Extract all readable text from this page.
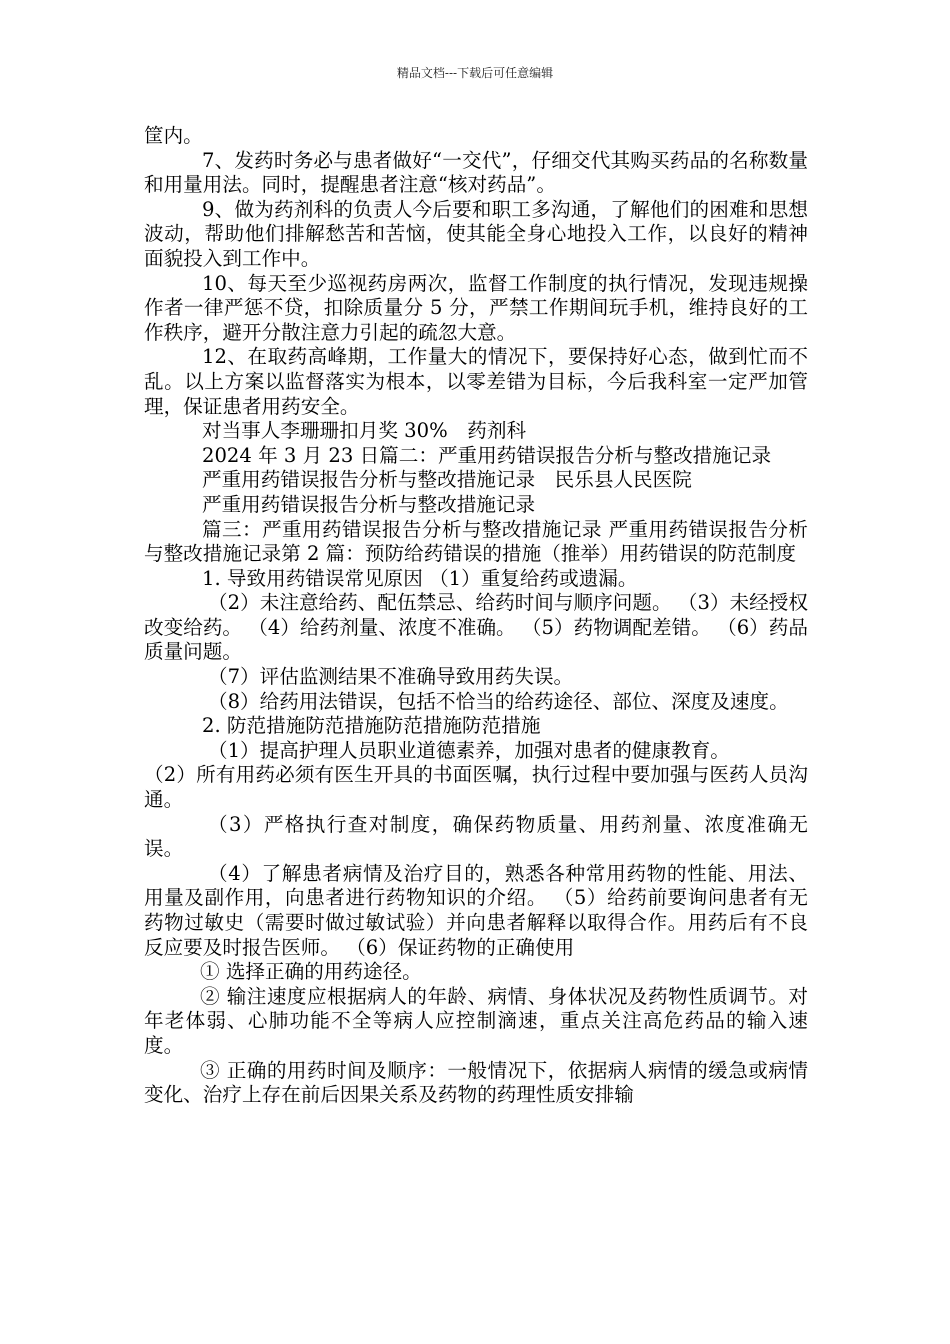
精品文档---下载后可任意编辑

筐内。

7、发药时务必与患者做好“一交代”，仔细交代其购买药品的名称数量和用量用法。同时，提醒患者注意“核对药品”。

9、做为药剂科的负责人今后要和职工多沟通，了解他们的困难和思想波动，帮助他们排解愁苦和苦恼，使其能全身心地投入工作，以良好的精神面貌投入到工作中。

10、每天至少巡视药房两次，监督工作制度的执行情况，发现违规操作者一律严惩不贷，扣除质量分 5 分，严禁工作期间玩手机，维持良好的工作秩序，避开分散注意力引起的疏忽大意。

12、在取药高峰期，工作量大的情况下，要保持好心态，做到忙而不乱。以上方案以监督落实为根本，以零差错为目标，今后我科室一定严加管理，保证患者用药安全。

对当事人李珊珊扣月奖 30%　药剂科

2024 年 3 月 23 日篇二：严重用药错误报告分析与整改措施记录

严重用药错误报告分析与整改措施记录　民乐县人民医院

严重用药错误报告分析与整改措施记录

篇三：严重用药错误报告分析与整改措施记录 严重用药错误报告分析与整改措施记录第 2 篇：预防给药错误的措施（推举）用药错误的防范制度

1. 导致用药错误常见原因 （1）重复给药或遗漏。

（2）未注意给药、配伍禁忌、给药时间与顺序问题。 （3）未经授权改变给药。 （4）给药剂量、浓度不准确。 （5）药物调配差错。 （6）药品质量问题。

（7）评估监测结果不准确导致用药失误。

（8）给药用法错误，包括不恰当的给药途径、部位、深度及速度。

2. 防范措施防范措施防范措施防范措施

（1）提高护理人员职业道德素养，加强对患者的健康教育。

（2）所有用药必须有医生开具的书面医嘱，执行过程中要加强与医药人员沟通。

（3）严格执行查对制度，确保药物质量、用药剂量、浓度准确无误。

（4）了解患者病情及治疗目的，熟悉各种常用药物的性能、用法、用量及副作用，向患者进行药物知识的介绍。 （5）给药前要询问患者有无药物过敏史（需要时做过敏试验）并向患者解释以取得合作。用药后有不良反应要及时报告医师。 （6）保证药物的正确使用

① 选择正确的用药途径。

② 输注速度应根据病人的年龄、病情、身体状况及药物性质调节。对年老体弱、心肺功能不全等病人应控制滴速，重点关注高危药品的输入速度。

③ 正确的用药时间及顺序：一般情况下，依据病人病情的缓急或病情变化、治疗上存在前后因果关系及药物的药理性质安排输
